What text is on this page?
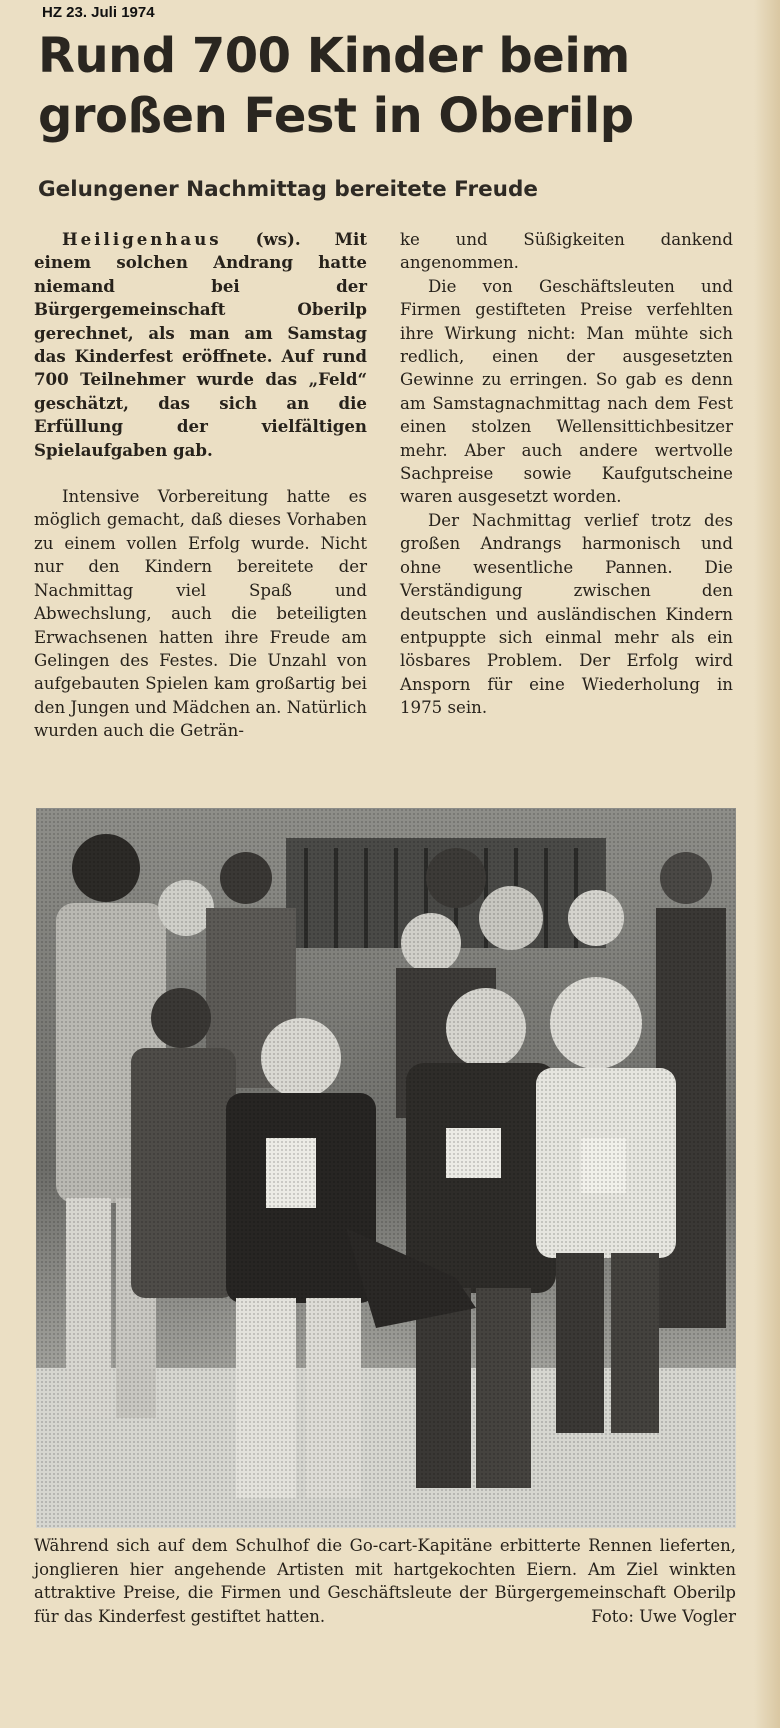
HZ 23. Juli 1974
Rund 700 Kinder beim großen Fest in Oberilp
Gelungener Nachmittag bereitete Freude

Heiligenhaus (ws). Mit einem solchen Andrang hatte niemand bei der Bürgergemeinschaft Oberilp gerechnet, als man am Samstag das Kinderfest eröffnete. Auf rund 700 Teilnehmer wurde das „Feld“ geschätzt, das sich an die Erfüllung der vielfältigen Spielaufgaben gab.

Intensive Vorbereitung hatte es möglich gemacht, daß dieses Vorhaben zu einem vollen Erfolg wurde. Nicht nur den Kindern bereitete der Nachmittag viel Spaß und Abwechslung, auch die beteiligten Erwachsenen hatten ihre Freude am Gelingen des Festes. Die Unzahl von aufgebauten Spielen kam großartig bei den Jungen und Mädchen an. Natürlich wurden auch die Geträn-

ke und Süßigkeiten dankend angenommen.

Die von Geschäftsleuten und Firmen gestifteten Preise verfehlten ihre Wirkung nicht: Man mühte sich redlich, einen der ausgesetzten Gewinne zu erringen. So gab es denn am Samstagnachmittag nach dem Fest einen stolzen Wellensittichbesitzer mehr. Aber auch andere wertvolle Sachpreise sowie Kaufgutscheine waren ausgesetzt worden.

Der Nachmittag verlief trotz des großen Andrangs harmonisch und ohne wesentliche Pannen. Die Verständigung zwischen den deutschen und ausländischen Kindern entpuppte sich einmal mehr als ein lösbares Problem. Der Erfolg wird Ansporn für eine Wiederholung in 1975 sein.

Während sich auf dem Schulhof die Go-cart-Kapitäne erbitterte Rennen lieferten, jonglieren hier angehende Artisten mit hartgekochten Eiern. Am Ziel winkten attraktive Preise, die Firmen und Geschäftsleute der Bürgergemeinschaft Oberilp für das Kinderfest gestiftet hatten.	Foto: Uwe Vogler
